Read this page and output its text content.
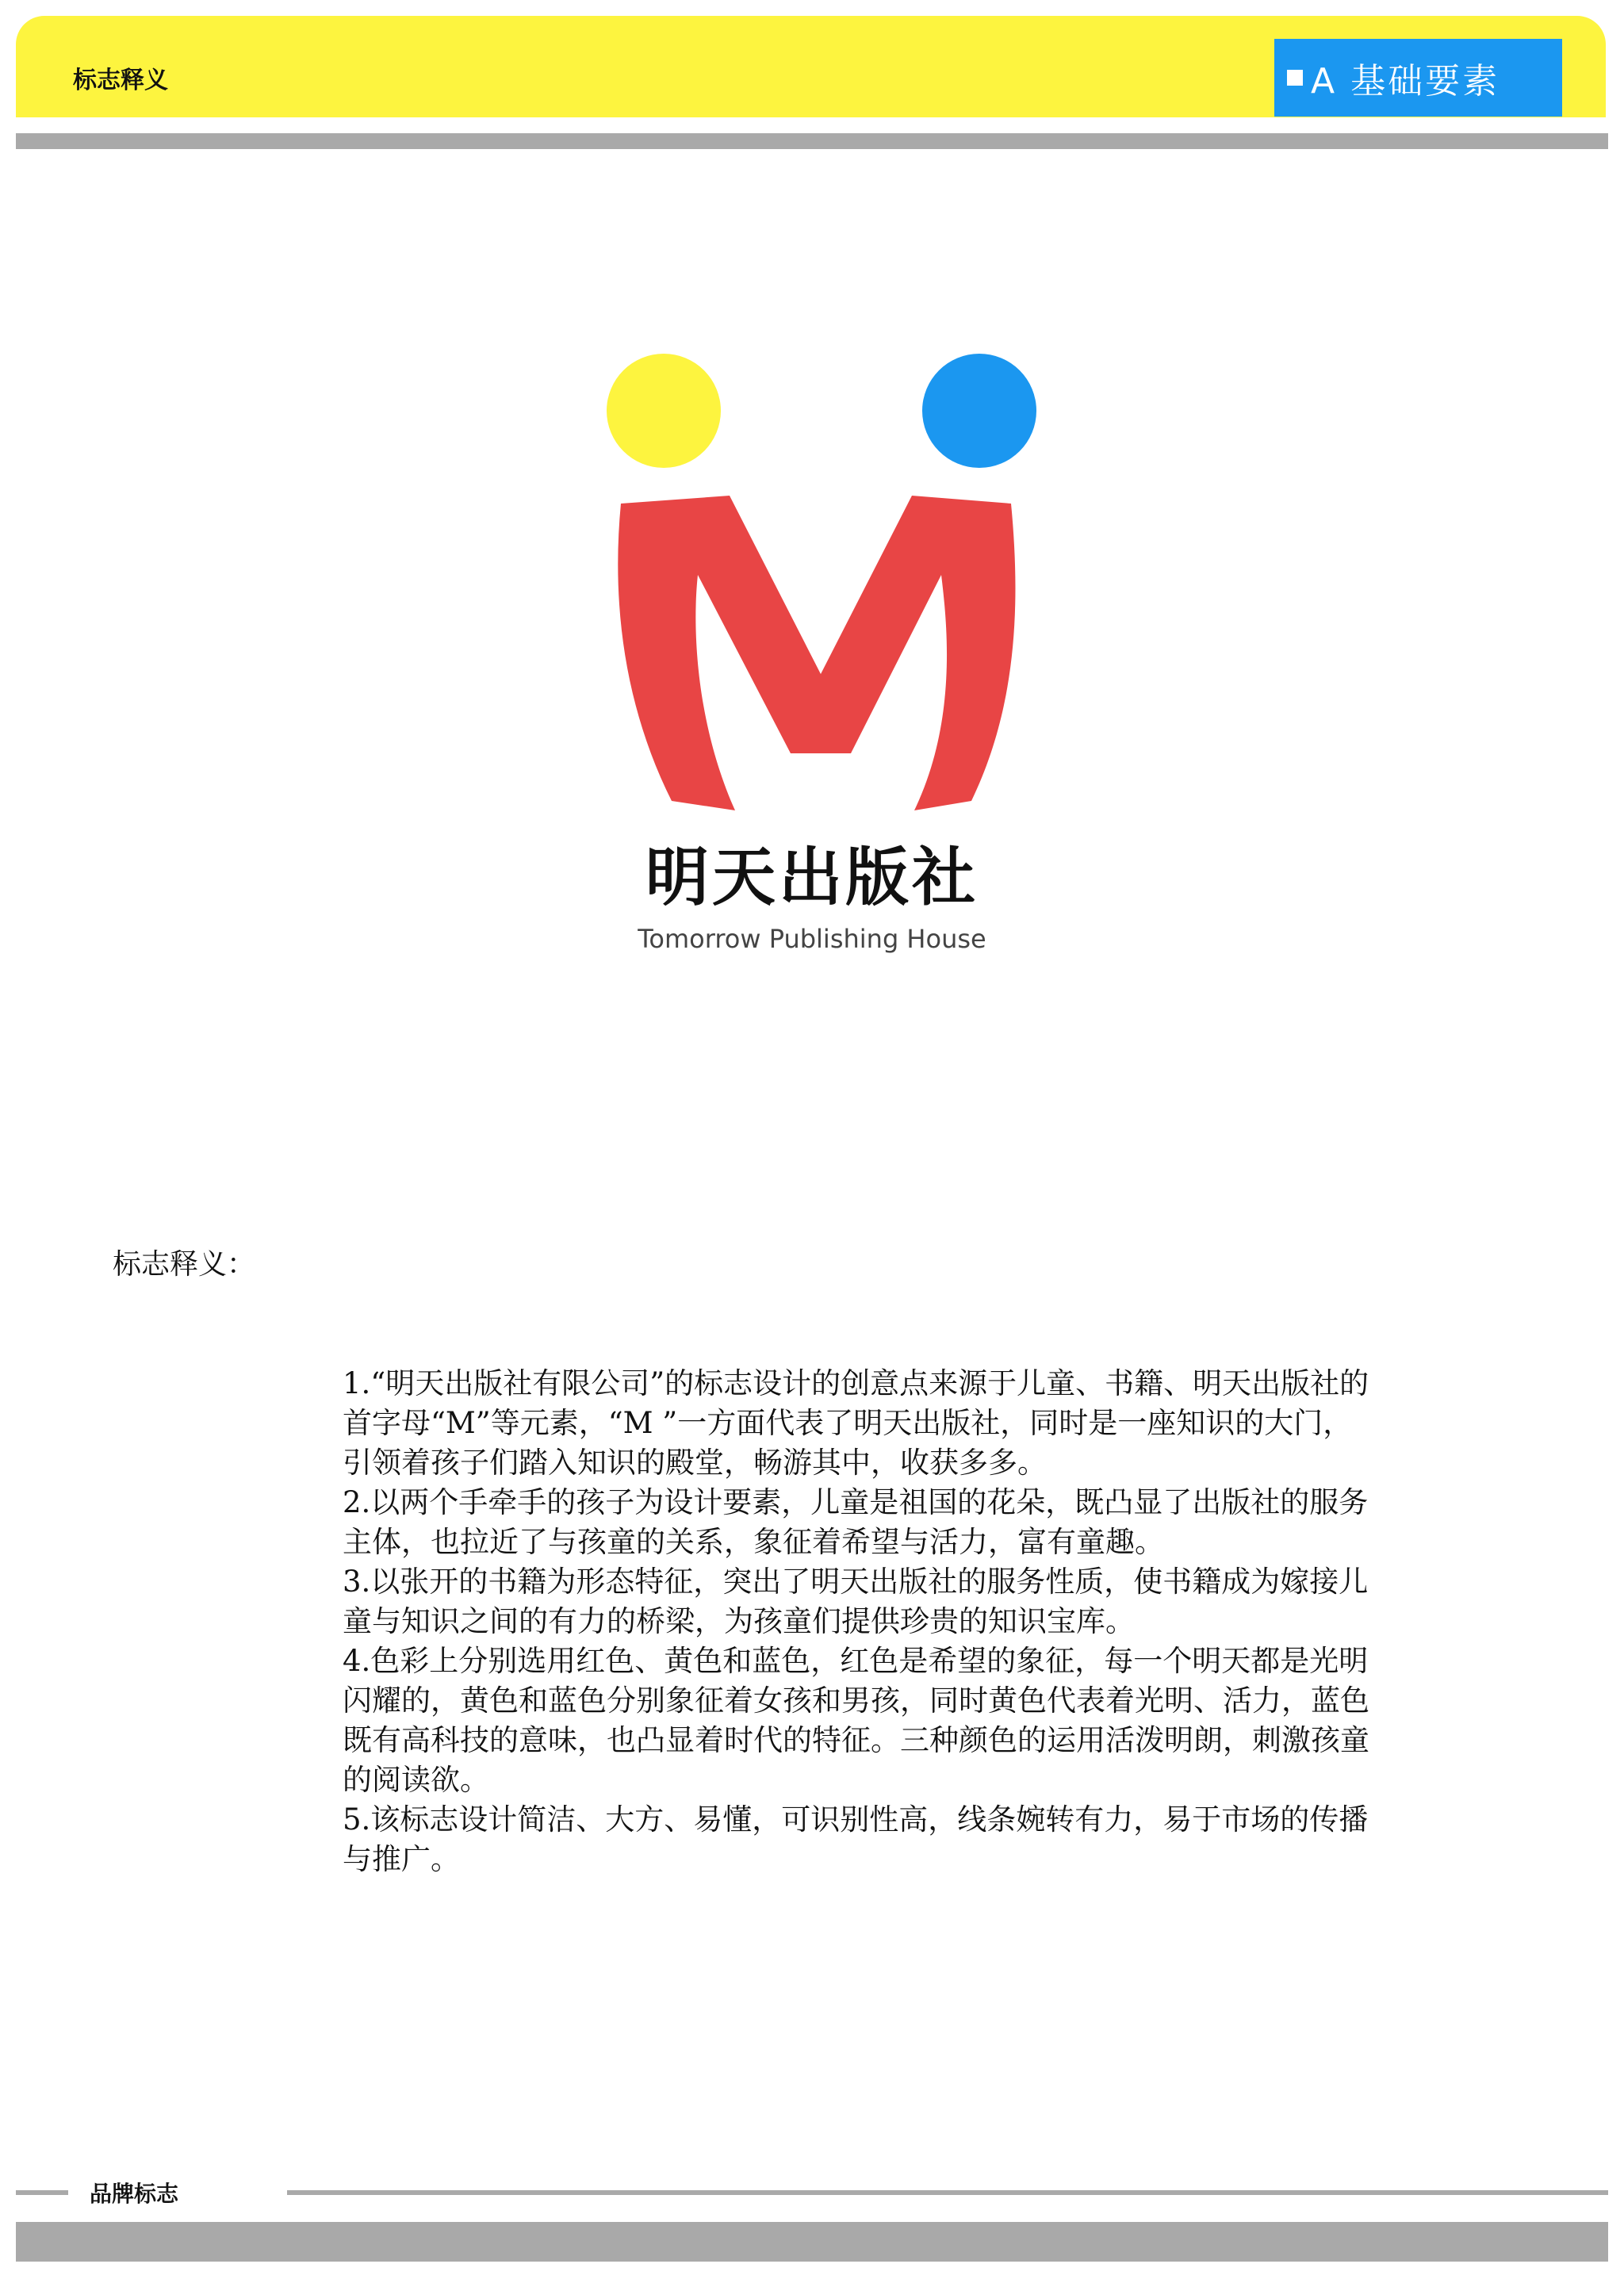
标志释义	A 基础要素
明天出版社
Tomorrow Publishing House
标志释义：

1.“明天出版社有限公司”的标志设计的创意点来源于儿童、书籍、明天出版社的首字母“M”等元素，“M ”一方面代表了明天出版社，同时是一座知识的大门，引领着孩子们踏入知识的殿堂，畅游其中，收获多多。

2.以两个手牵手的孩子为设计要素，儿童是祖国的花朵，既凸显了出版社的服务主体，也拉近了与孩童的关系，象征着希望与活力，富有童趣。

3.以张开的书籍为形态特征，突出了明天出版社的服务性质，使书籍成为嫁接儿童与知识之间的有力的桥梁，为孩童们提供珍贵的知识宝库。

4.色彩上分别选用红色、黄色和蓝色，红色是希望的象征，每一个明天都是光明闪耀的，黄色和蓝色分别象征着女孩和男孩，同时黄色代表着光明、活力，蓝色既有高科技的意味，也凸显着时代的特征。三种颜色的运用活泼明朗，刺激孩童的阅读欲。

5.该标志设计简洁、大方、易懂，可识别性高，线条婉转有力，易于市场的传播与推广。

品牌标志
